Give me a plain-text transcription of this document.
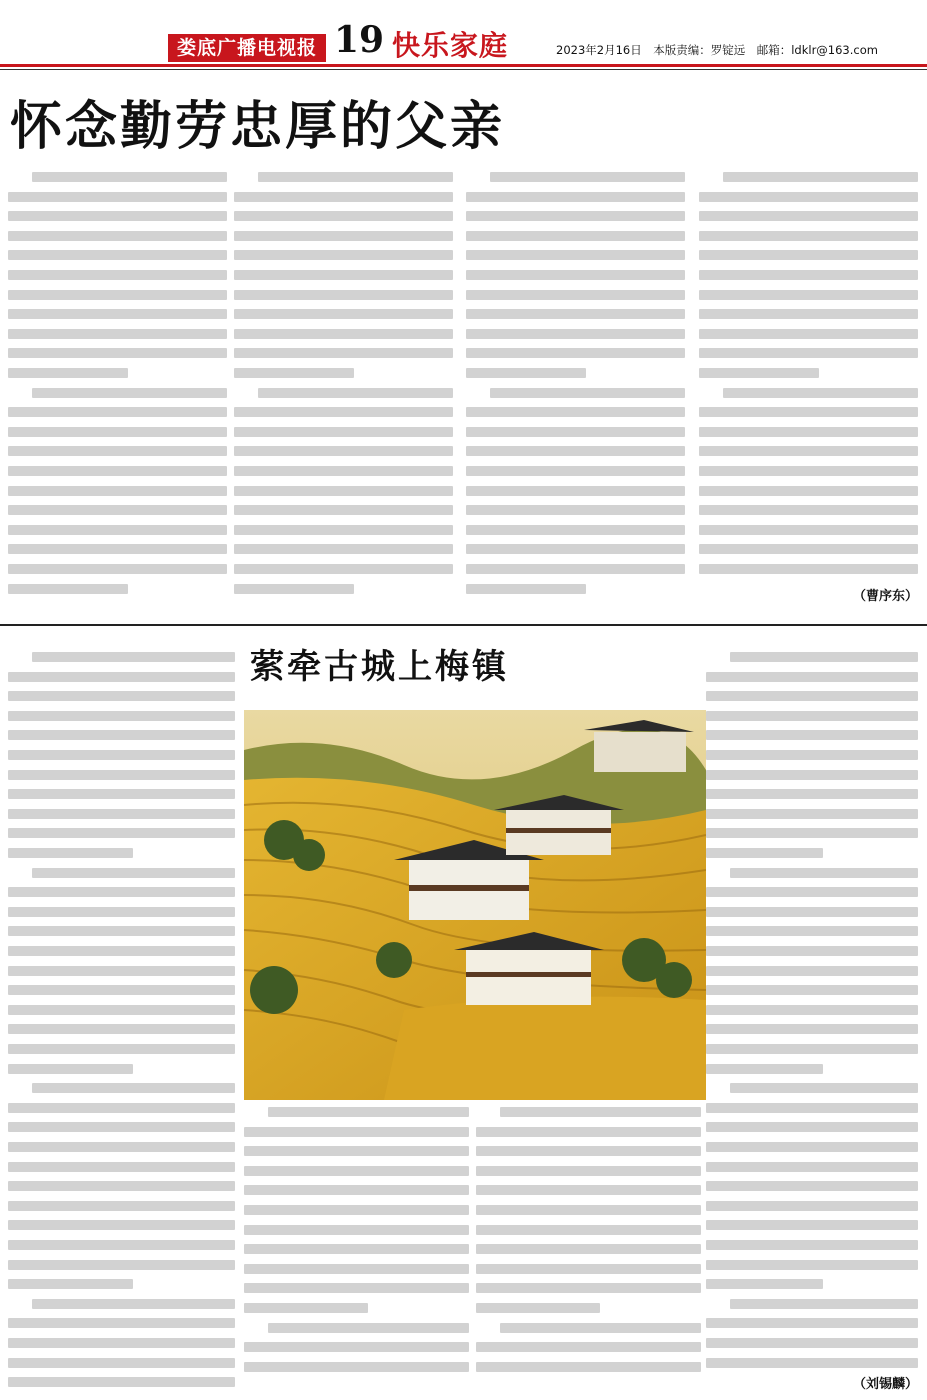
娄底广播电视报 19 快乐家庭	2023年2月16日　本版责编：罗锭远　邮箱：ldklr@163.com
怀念勤劳忠厚的父亲
（曹序东）
萦牵古城上梅镇
（刘锡麟）
